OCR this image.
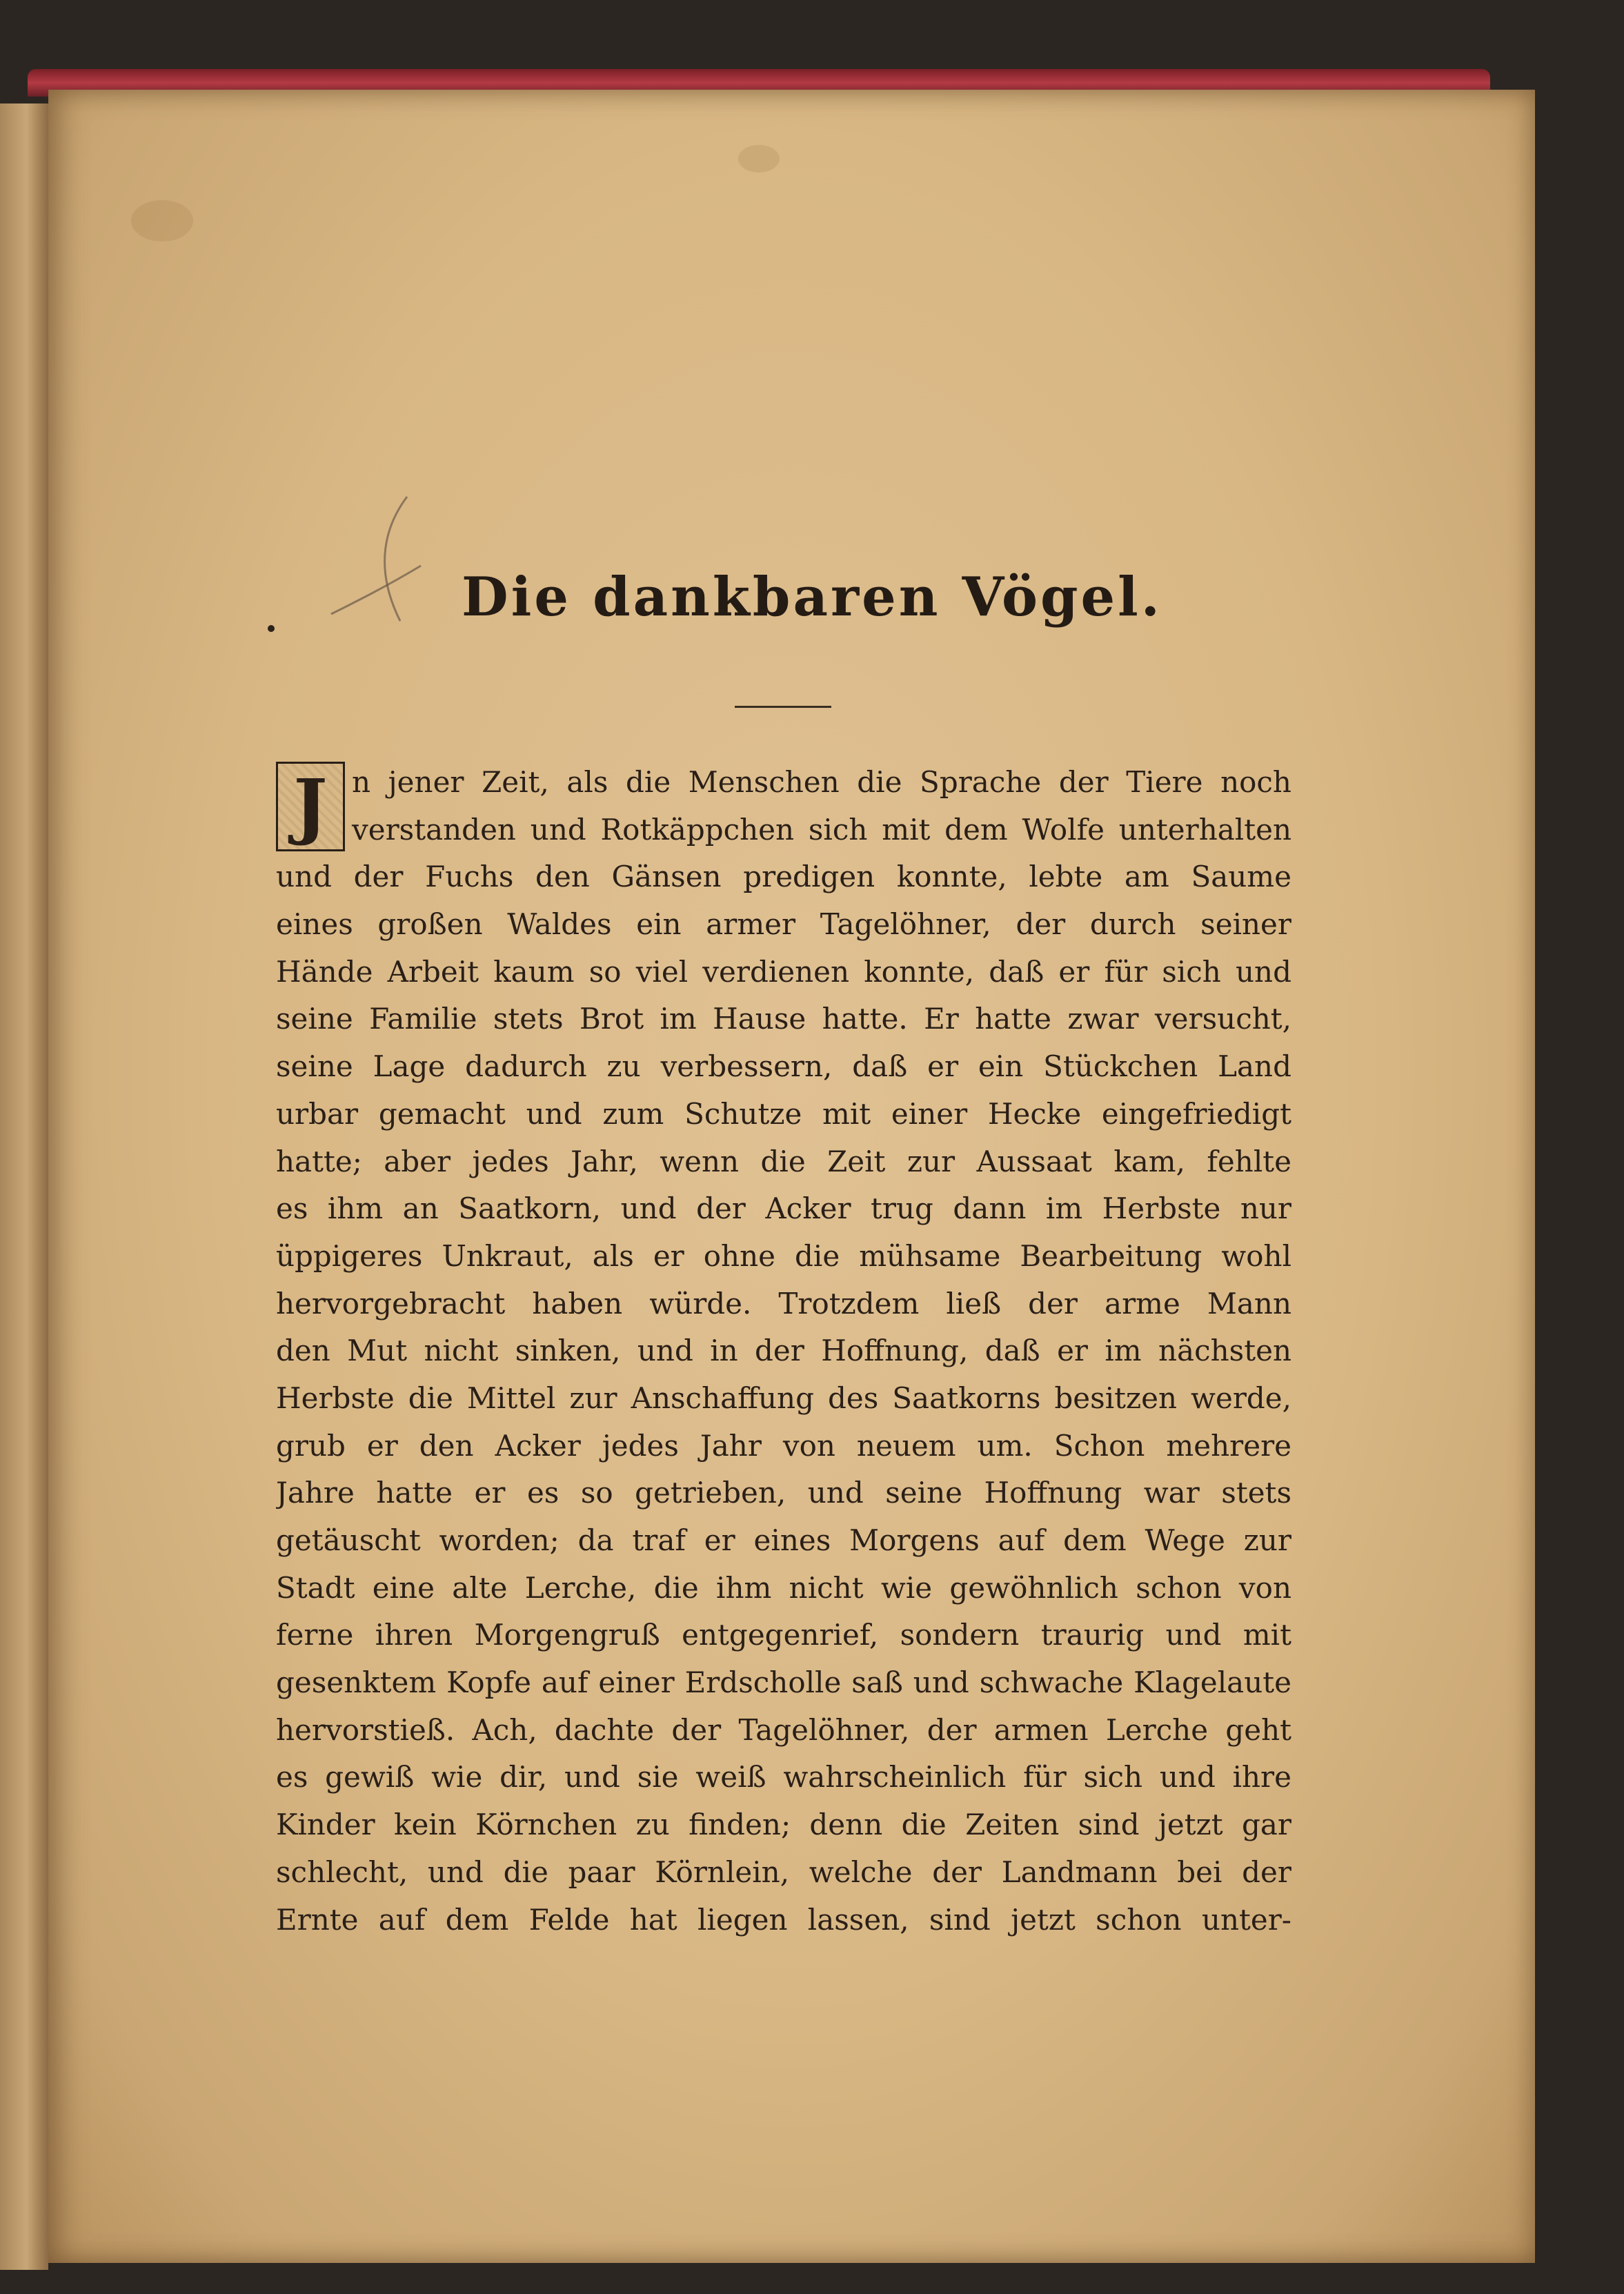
Die dankbaren Vögel.
J n jener Zeit, als die Menschen die Sprache der Tiere noch
verstanden und Rotkäppchen sich mit dem Wolfe unterhalten
und der Fuchs den Gänsen predigen konnte, lebte am Saume
eines großen Waldes ein armer Tagelöhner, der durch seiner
Hände Arbeit kaum so viel verdienen konnte, daß er für sich und
seine Familie stets Brot im Hause hatte. Er hatte zwar versucht,
seine Lage dadurch zu verbessern, daß er ein Stückchen Land
urbar gemacht und zum Schutze mit einer Hecke eingefriedigt
hatte; aber jedes Jahr, wenn die Zeit zur Aussaat kam, fehlte
es ihm an Saatkorn, und der Acker trug dann im Herbste nur
üppigeres Unkraut, als er ohne die mühsame Bearbeitung wohl
hervorgebracht haben würde. Trotzdem ließ der arme Mann
den Mut nicht sinken, und in der Hoffnung, daß er im nächsten
Herbste die Mittel zur Anschaffung des Saatkorns besitzen werde,
grub er den Acker jedes Jahr von neuem um. Schon mehrere
Jahre hatte er es so getrieben, und seine Hoffnung war stets
getäuscht worden; da traf er eines Morgens auf dem Wege zur
Stadt eine alte Lerche, die ihm nicht wie gewöhnlich schon von
ferne ihren Morgengruß entgegenrief, sondern traurig und mit
gesenktem Kopfe auf einer Erdscholle saß und schwache Klagelaute
hervorstieß. Ach, dachte der Tagelöhner, der armen Lerche geht
es gewiß wie dir, und sie weiß wahrscheinlich für sich und ihre
Kinder kein Körnchen zu finden; denn die Zeiten sind jetzt gar
schlecht, und die paar Körnlein, welche der Landmann bei der
Ernte auf dem Felde hat liegen lassen, sind jetzt schon unter-
